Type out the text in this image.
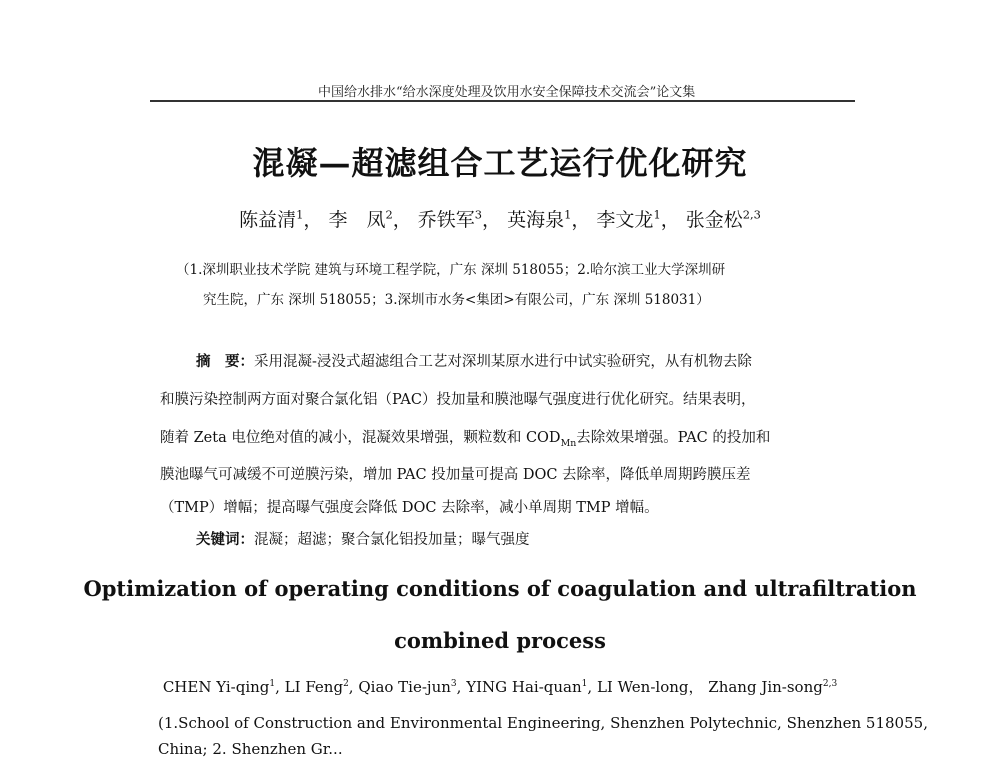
中国给水排水“给水深度处理及饮用水安全保障技术交流会”论文集
混凝—超滤组合工艺运行优化研究
陈益清$^1$， 李　凤$^2$， 乔铁军$^3$， 英海泉$^1$， 李文龙$^1$， 张金松$^{2,3}$
（1.深圳职业技术学院 建筑与环境工程学院，广东 深圳 518055；2.哈尔滨工业大学深圳研
究生院，广东 深圳 518055；3.深圳市水务<集团>有限公司，广东 深圳 518031）
摘　要：采用混凝-浸没式超滤组合工艺对深圳某原水进行中试实验研究，从有机物去除
和膜污染控制两方面对聚合氯化铝（PAC）投加量和膜池曝气强度进行优化研究。结果表明，
随着 Zeta 电位绝对值的减小，混凝效果增强，颗粒数和 $COD_{Mn}$去除效果增强。PAC 的投加和
膜池曝气可减缓不可逆膜污染，增加 PAC 投加量可提高 DOC 去除率，降低单周期跨膜压差
（TMP）增幅；提高曝气强度会降低 DOC 去除率，减小单周期 TMP 增幅。
关键词：混凝；超滤；聚合氯化铝投加量；曝气强度
Optimization of operating conditions of coagulation and ultrafiltration
combined process
CHEN Yi-qing$^1$, LI Feng$^2$, Qiao Tie-jun$^3$, YING Hai-quan$^1$, LI Wen-long， Zhang Jin-song$^{2,3}$
(1.School of Construction and Environmental Engineering, Shenzhen Polytechnic, Shenzhen 518055,
China; 2. Shenzhen Gr...
